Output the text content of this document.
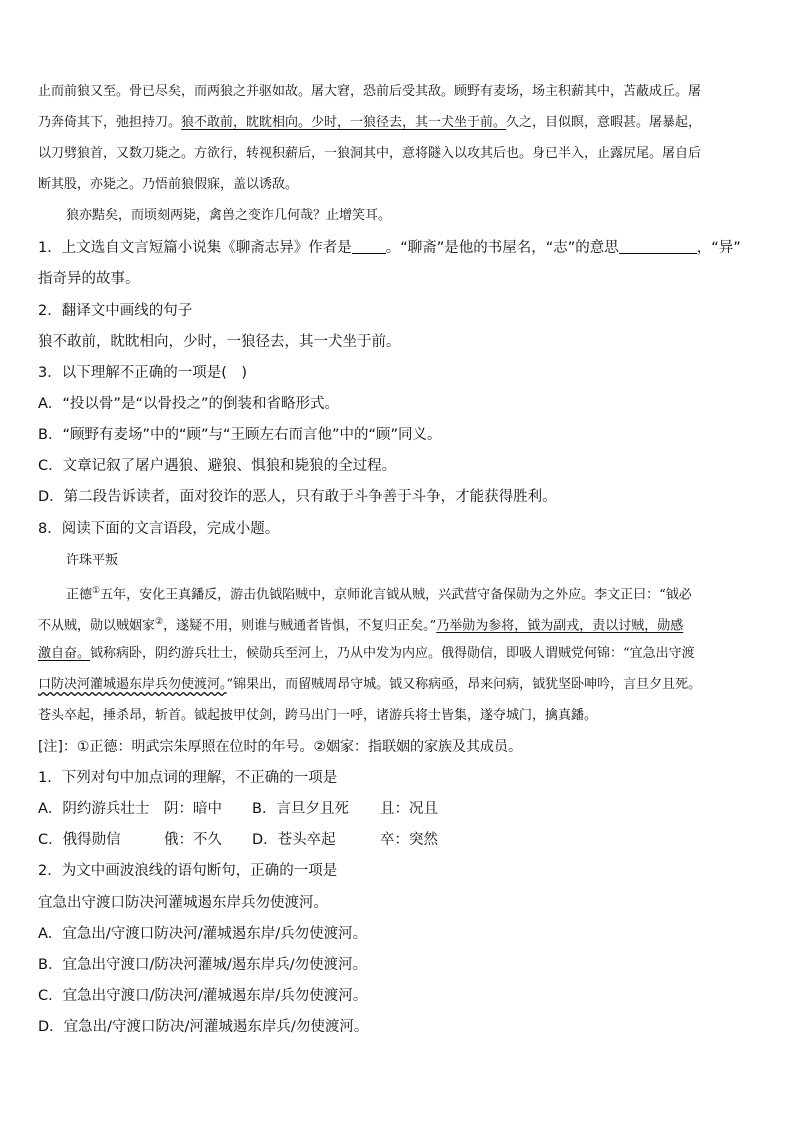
止而前狼又至。骨已尽矣，而两狼之并驱如故。屠大窘，恐前后受其敌。顾野有麦场，场主积薪其中，苫蔽成丘。屠
乃奔倚其下，弛担持刀。狼不敢前，眈眈相向。少时，一狼径去，其一犬坐于前。久之，目似瞑，意暇甚。屠暴起，
以刀劈狼首，又数刀毙之。方欲行，转视积薪后，一狼洞其中，意将隧入以攻其后也。身已半入，止露尻尾。屠自后
断其股，亦毙之。乃悟前狼假寐，盖以诱敌。
狼亦黠矣，而顷刻两毙，禽兽之变诈几何哉？止增笑耳。
1．上文选自文言短篇小说集《聊斋志异》作者是 。“聊斋”是他的书屋名，“志”的意思	，“异”
指奇异的故事。
2．翻译文中画线的句子
狼不敢前，眈眈相向，少时，一狼径去，其一犬坐于前。
3．以下理解不正确的一项是(　)
A．“投以骨”是“以骨投之”的倒装和省略形式。
B．“顾野有麦场”中的“顾”与“王顾左右而言他”中的“顾”同义。
C．文章记叙了屠户遇狼、避狼、惧狼和毙狼的全过程。
D．第二段告诉读者，面对狡诈的恶人，只有敢于斗争善于斗争，才能获得胜利。
8．阅读下面的文言语段，完成小题。
许珠平叛
正德①五年，安化王真鐇反，游击仇钺陷贼中，京师讹言钺从贼，兴武营守备保勋为之外应。李文正曰：“钺必
不从贼，勋以贼姻家②，遂疑不用，则谁与贼通者皆惧，不复归正矣。”乃举勋为参将，钺为副戎，责以讨贼，勋感
激自奋。钺称病卧，阴约游兵壮士，候勋兵至河上，乃从中发为内应。俄得勋信，即吸人谓贼党何锦：“宜急出守渡
口防决河灌城遏东岸兵勿使渡河。”锦果出，而留贼周昂守城。钺又称病亟，昂来问病，钺犹坚卧呻吟，言旦夕且死。
苍头卒起，捶杀昂，斩首。钺起披甲仗剑，跨马出门一呼，诸游兵将士皆集，遂夺城门，擒真鐇。
[注]：①正德：明武宗朱厚照在位时的年号。②姻家：指联姻的家族及其成员。
1．下列对句中加点词的理解，不正确的一项是
A．阴约游兵壮士 阴：暗中 B．言旦夕且死 且：况且
C．俄得勋信	俄：不久 D．苍头卒起	卒：突然
2．为文中画波浪线的语句断句，正确的一项是
宜急出守渡口防决河灌城遏东岸兵勿使渡河。
A．宜急出/守渡口防决河/灌城遏东岸/兵勿使渡河。
B．宜急出守渡口/防决河灌城/遏东岸兵/勿使渡河。
C．宜急出守渡口/防决河/灌城遏东岸/兵勿使渡河。
D．宜急出/守渡口防决/河灌城遏东岸兵/勿使渡河。
